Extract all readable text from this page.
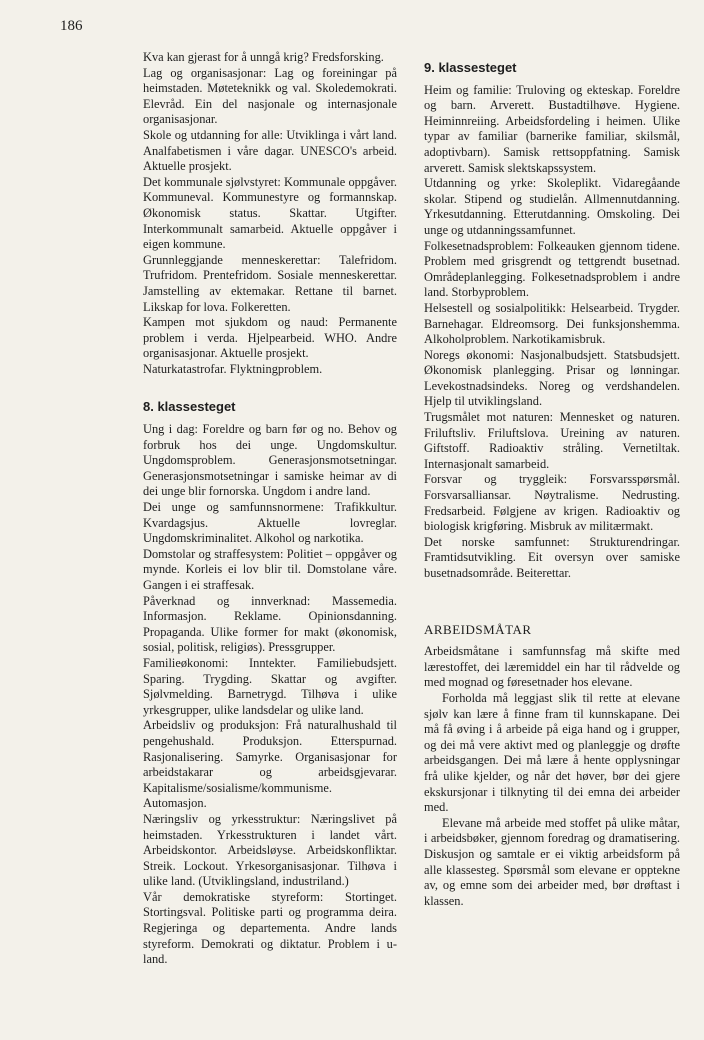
186

Kva kan gjerast for å unngå krig? Fredsforsking.

Lag og organisasjonar: Lag og foreiningar på heimstaden. Møteteknikk og val. Skoledemokrati. Elevråd. Ein del nasjonale og internasjonale organisasjonar.

Skole og utdanning for alle: Utviklinga i vårt land. Analfabetismen i våre dagar. UNESCO's arbeid. Aktuelle prosjekt.

Det kommunale sjølvstyret: Kommunale oppgåver. Kommuneval. Kommunestyre og formannskap. Økonomisk status. Skattar. Utgifter. Interkommunalt samarbeid. Aktuelle oppgåver i eigen kommune.

Grunnleggjande menneskerettar: Talefridom. Trufridom. Prentefridom. Sosiale menneskerettar. Jamstelling av ektemakar. Rettane til barnet. Likskap for lova. Folkeretten.

Kampen mot sjukdom og naud: Permanente problem i verda. Hjelpearbeid. WHO. Andre organisasjonar. Aktuelle prosjekt.

Naturkatastrofar. Flyktningproblem.

8. klassesteget

Ung i dag: Foreldre og barn før og no. Behov og forbruk hos dei unge. Ungdomskultur. Ungdomsproblem. Generasjonsmotsetningar. Generasjonsmotsetningar i samiske heimar av di dei unge blir fornorska. Ungdom i andre land.

Dei unge og samfunnsnormene: Trafikkultur. Kvardagsjus. Aktuelle lovreglar. Ungdomskriminalitet. Alkohol og narkotika.

Domstolar og straffesystem: Politiet – oppgåver og mynde. Korleis ei lov blir til. Domstolane våre. Gangen i ei straffesak.

Påverknad og innverknad: Massemedia. Informasjon. Reklame. Opinionsdanning. Propaganda. Ulike former for makt (økonomisk, sosial, politisk, religiøs). Pressgrupper.

Familieøkonomi: Inntekter. Familiebudsjett. Sparing. Trygding. Skattar og avgifter. Sjølvmelding. Barnetrygd. Tilhøva i ulike yrkesgrupper, ulike landsdelar og ulike land.

Arbeidsliv og produksjon: Frå naturalhushald til pengehushald. Produksjon. Etterspurnad. Rasjonalisering. Samyrke. Organisasjonar for arbeidstakarar og arbeidsgjevarar. Kapitalisme/sosialisme/kommunisme. Automasjon.

Næringsliv og yrkesstruktur: Næringslivet på heimstaden. Yrkesstrukturen i landet vårt. Arbeidskontor. Arbeidsløyse. Arbeidskonfliktar. Streik. Lockout. Yrkesorganisasjonar. Tilhøva i ulike land. (Utviklingsland, industriland.)

Vår demokratiske styreform: Stortinget. Stortingsval. Politiske parti og programma deira. Regjeringa og departementa. Andre lands styreform. Demokrati og diktatur. Problem i u-land.

9. klassesteget

Heim og familie: Truloving og ekteskap. Foreldre og barn. Arverett. Bustadtilhøve. Hygiene. Heiminnreiing. Arbeidsfordeling i heimen. Ulike typar av familiar (barnerike familiar, skilsmål, adoptivbarn). Samisk rettsoppfatning. Samisk arverett. Samisk slektskapssystem.

Utdanning og yrke: Skoleplikt. Vidaregåande skolar. Stipend og studielån. Allmennutdanning. Yrkesutdanning. Etterutdanning. Omskoling. Dei unge og utdanningssamfunnet.

Folkesetnadsproblem: Folkeauken gjennom tidene. Problem med grisgrendt og tettgrendt busetnad. Områdeplanlegging. Folkesetnadsproblem i andre land. Storbyproblem.

Helsestell og sosialpolitikk: Helsearbeid. Trygder. Barnehagar. Eldreomsorg. Dei funksjonshemma. Alkoholproblem. Narkotikamisbruk.

Noregs økonomi: Nasjonalbudsjett. Statsbudsjett. Økonomisk planlegging. Prisar og lønningar. Levekostnadsindeks. Noreg og verdshandelen. Hjelp til utviklingsland.

Trugsmålet mot naturen: Mennesket og naturen. Friluftsliv. Friluftslova. Ureining av naturen. Giftstoff. Radioaktiv stråling. Vernetiltak. Internasjonalt samarbeid.

Forsvar og tryggleik: Forsvarsspørsmål. Forsvarsalliansar. Nøytralisme. Nedrusting. Fredsarbeid. Følgjene av krigen. Radioaktiv og biologisk krigføring. Misbruk av militærmakt.

Det norske samfunnet: Strukturendringar. Framtidsutvikling. Eit oversyn over samiske busetnadsområde. Beiterettar.

ARBEIDSMÅTAR

Arbeidsmåtane i samfunnsfag må skifte med lærestoffet, dei læremiddel ein har til rådvelde og med mognad og føresetnader hos elevane.

Forholda må leggjast slik til rette at elevane sjølv kan lære å finne fram til kunnskapane. Dei må få øving i å arbeide på eiga hand og i grupper, og dei må vere aktivt med og planleggje og drøfte arbeidsgangen. Dei må lære å hente opplysningar frå ulike kjelder, og når det høver, bør dei gjere ekskursjonar i tilknyting til dei emna dei arbeider med.

Elevane må arbeide med stoffet på ulike måtar, i arbeidsbøker, gjennom foredrag og dramatisering. Diskusjon og samtale er ei viktig arbeidsform på alle klassesteg. Spørsmål som elevane er opptekne av, og emne som dei arbeider med, bør drøftast i klassen.
